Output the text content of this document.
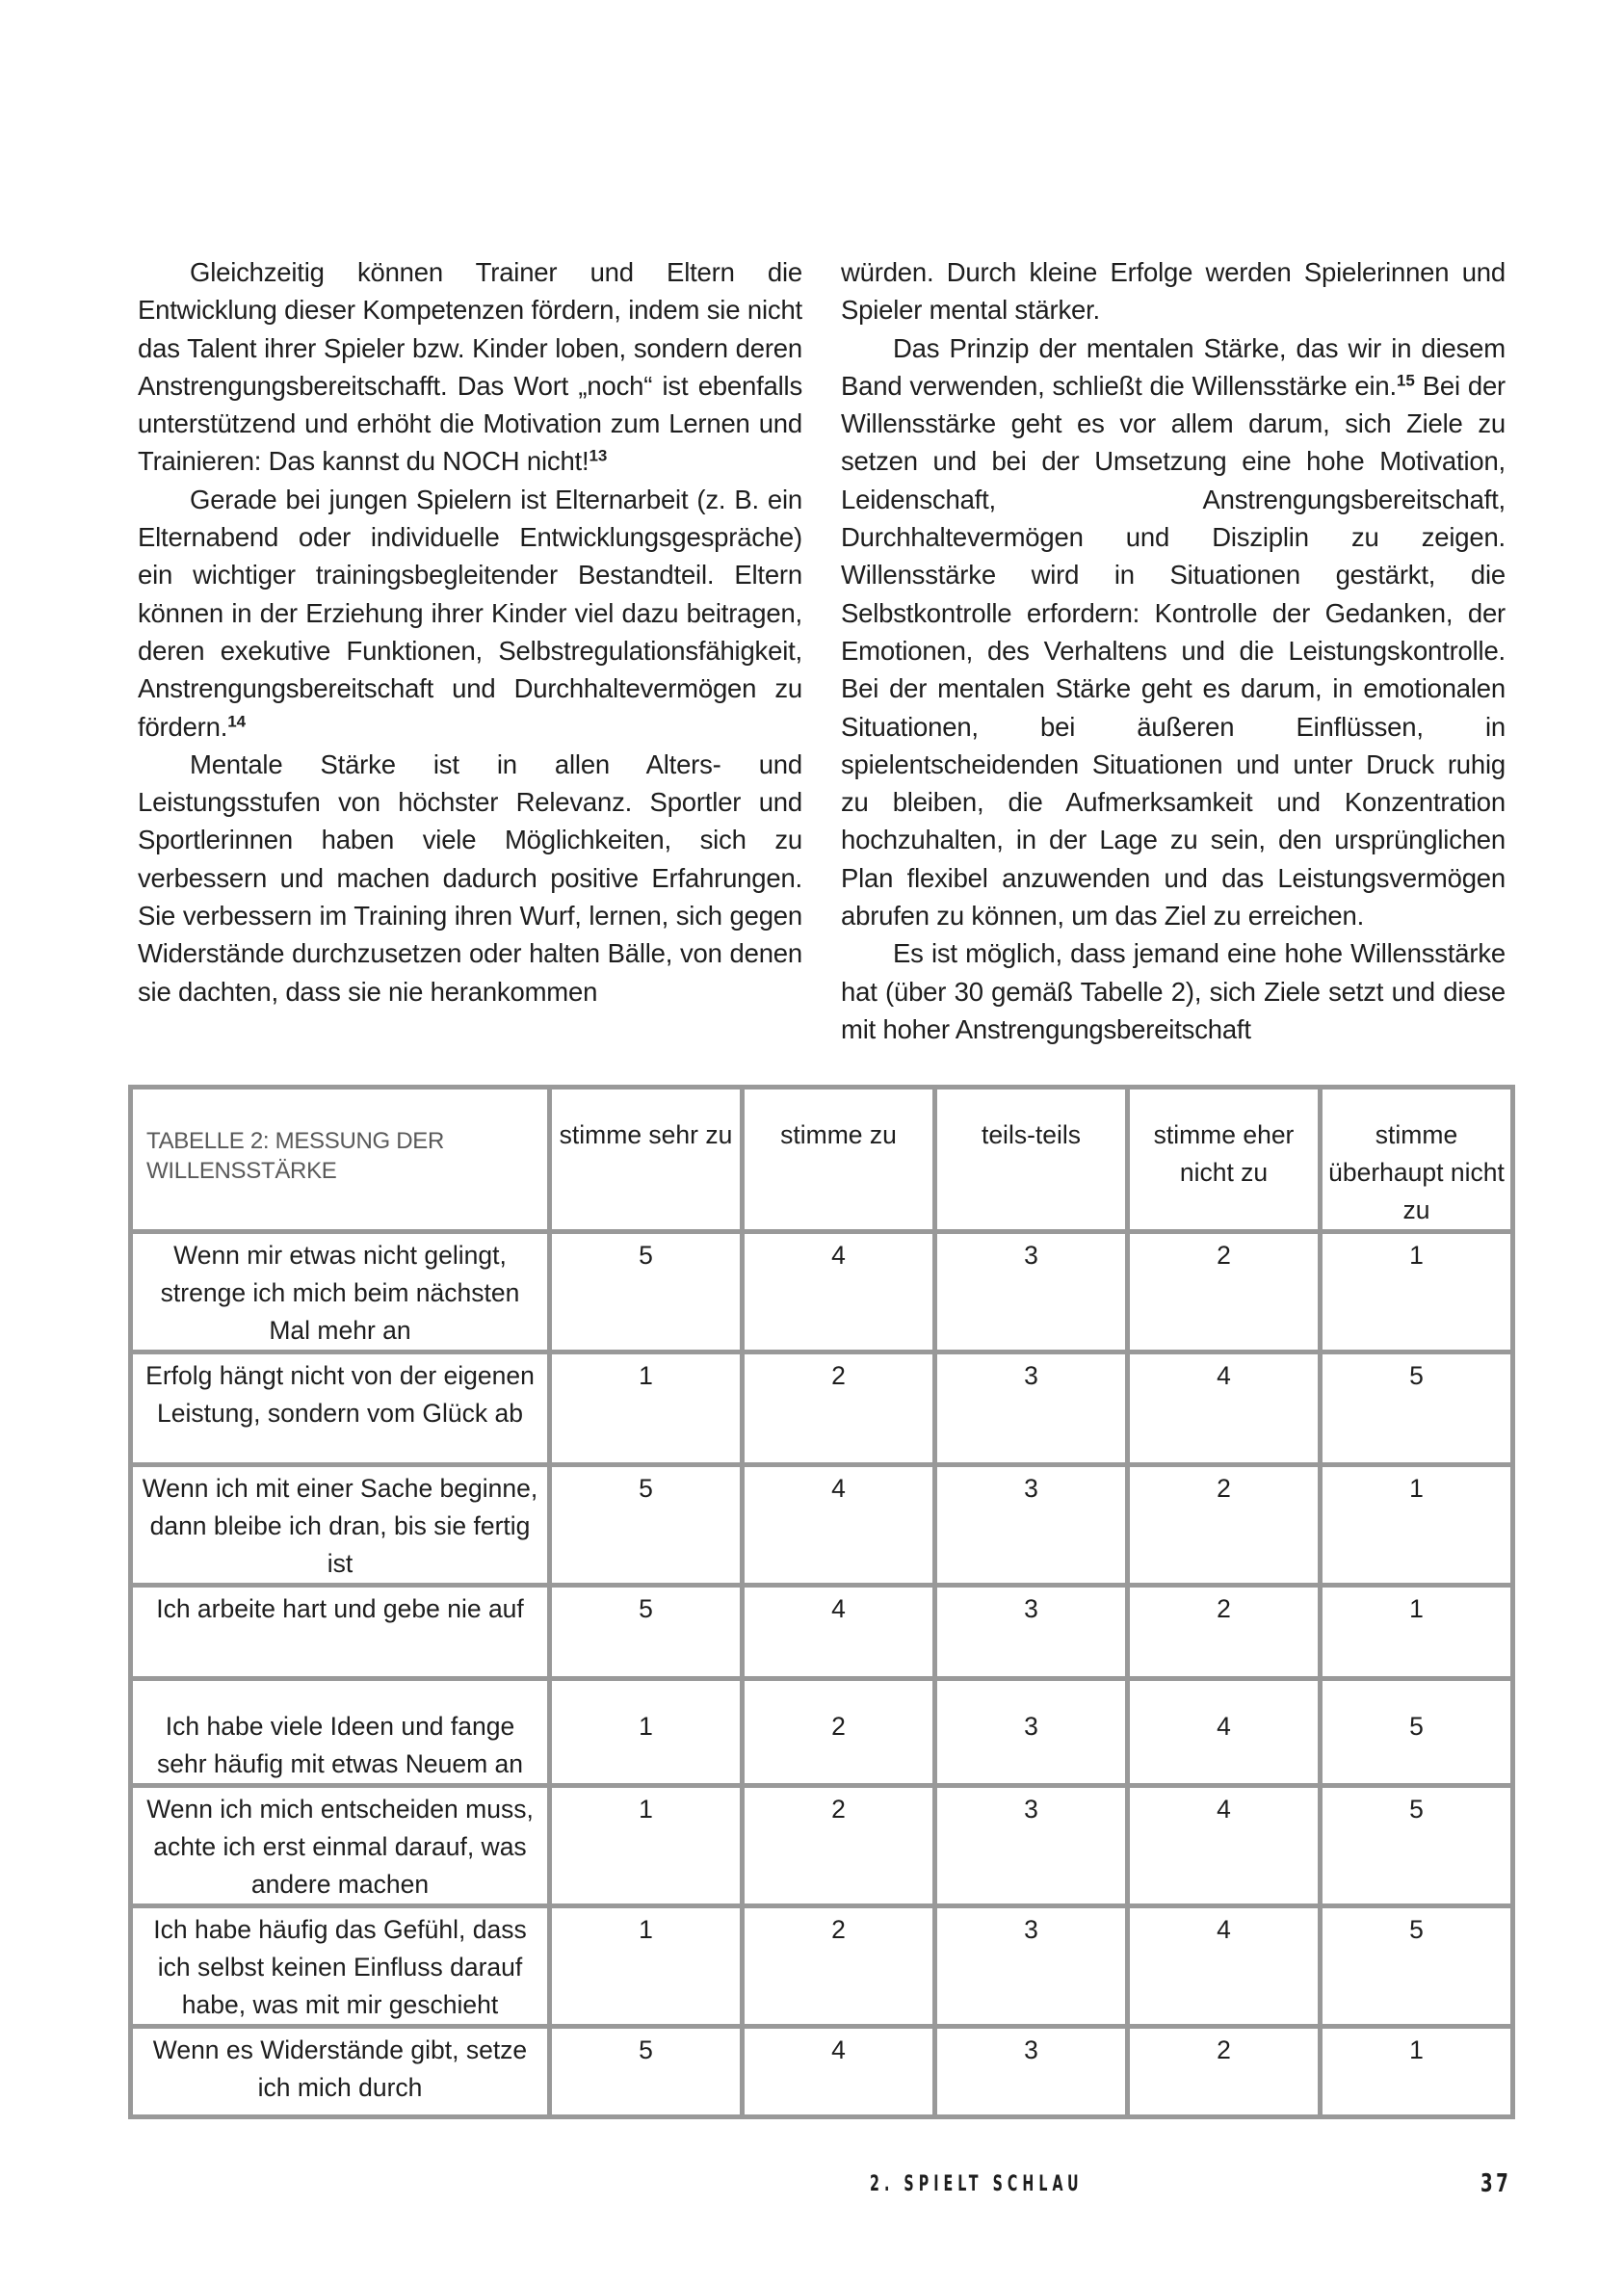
Gleichzeitig können Trainer und Eltern die Entwicklung dieser Kompetenzen fördern, indem sie nicht das Talent ihrer Spieler bzw. Kinder loben, sondern deren Anstrengungsbereitschafft. Das Wort „noch“ ist ebenfalls unterstützend und erhöht die Motivation zum Lernen und Trainieren: Das kannst du NOCH nicht!$^{13}$

Gerade bei jungen Spielern ist Elternarbeit (z. B. ein Elternabend oder individuelle Entwicklungsgespräche) ein wichtiger trainingsbegleitender Bestandteil. Eltern können in der Erziehung ihrer Kinder viel dazu beitragen, deren exekutive Funktionen, Selbstregulationsfähigkeit, Anstrengungsbereitschaft und Durchhaltevermögen zu fördern.$^{14}$

Mentale Stärke ist in allen Alters- und Leistungsstufen von höchster Relevanz. Sportler und Sportlerinnen haben viele Möglichkeiten, sich zu verbessern und machen dadurch positive Erfahrungen. Sie verbessern im Training ihren Wurf, lernen, sich gegen Widerstände durchzusetzen oder halten Bälle, von denen sie dachten, dass sie nie herankommen

würden. Durch kleine Erfolge werden Spielerinnen und Spieler mental stärker.

Das Prinzip der mentalen Stärke, das wir in diesem Band verwenden, schließt die Willensstärke ein.$^{15}$ Bei der Willensstärke geht es vor allem darum, sich Ziele zu setzen und bei der Umsetzung eine hohe Motivation, Leidenschaft, Anstrengungsbereitschaft, Durchhaltevermögen und Disziplin zu zeigen. Willensstärke wird in Situationen gestärkt, die Selbstkontrolle erfordern: Kontrolle der Gedanken, der Emotionen, des Verhaltens und die Leistungskontrolle. Bei der mentalen Stärke geht es darum, in emotionalen Situationen, bei äußeren Einflüssen, in spielentscheidenden Situationen und unter Druck ruhig zu bleiben, die Aufmerksamkeit und Konzentration hochzuhalten, in der Lage zu sein, den ursprünglichen Plan flexibel anzuwenden und das Leistungsvermögen abrufen zu können, um das Ziel zu erreichen.

Es ist möglich, dass jemand eine hohe Willensstärke hat (über 30 gemäß Tabelle 2), sich Ziele setzt und diese mit hoher Anstrengungsbereitschaft

TABELLE 2: MESSUNG DER WILLENSSTÄRKE	stimme sehr zu	stimme zu	teils-teils	stimme eher nicht zu	stimme überhaupt nicht zu
Wenn mir etwas nicht gelingt, strenge ich mich beim nächsten Mal mehr an	5	4	3	2	1
Erfolg hängt nicht von der eigenen Leistung, sondern vom Glück ab	1	2	3	4	5
Wenn ich mit einer Sache beginne, dann bleibe ich dran, bis sie fertig ist	5	4	3	2	1
Ich arbeite hart und gebe nie auf	5	4	3	2	1
Ich habe viele Ideen und fange sehr häufig mit etwas Neuem an	1	2	3	4	5
Wenn ich mich entscheiden muss, achte ich erst einmal darauf, was andere machen	1	2	3	4	5
Ich habe häufig das Gefühl, dass ich selbst keinen Einfluss darauf habe, was mit mir geschieht	1	2	3	4	5
Wenn es Widerstände gibt, setze ich mich durch	5	4	3	2	1
2. SPIELT SCHLAU	37
